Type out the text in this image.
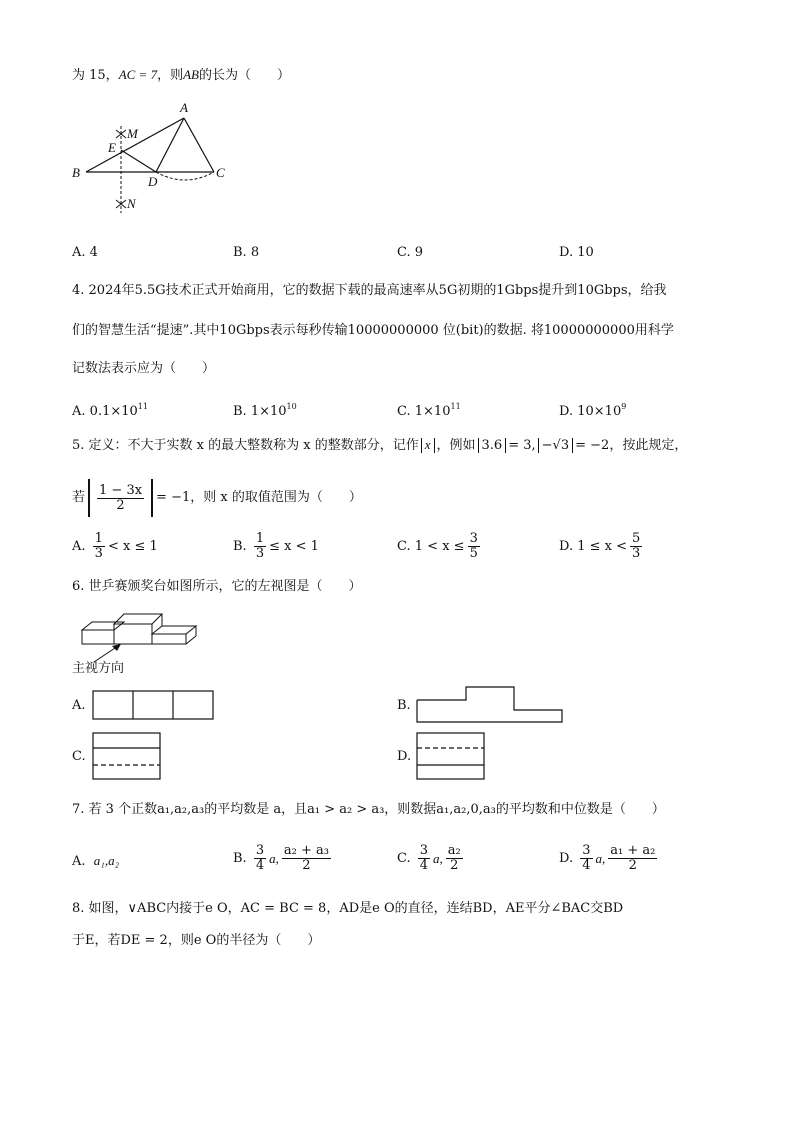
为 15，AC = 7，则AB的长为（　　）
A
B	C
D
E
M
N
A. 4	B. 8	C. 9	D. 10
4. 2024年5.5G技术正式开始商用，它的数据下载的最高速率从5G初期的1Gbps提升到10Gbps，给我
们的智慧生活“提速”.其中10Gbps表示每秒传输10000000000 位(bit)的数据. 将10000000000用科学
记数法表示应为（　　）
A. $0.1\times 10^{11}$	B. $1\times 10^{10}$	C. $1\times 10^{11}$	D. $10\times 10^9$
5. 定义：不大于实数 x 的最大整数称为 x 的整数部分，记作 x ，例如 3.6 = 3, −√3 = −2，按此规定，
若 $\frac{1 - 3x}{2} = -1$ ，则 x 的取值范围为（　　）
A.
$\frac{1}{3} < x \le 1$	B.
$\frac{1}{3} \le x < 1$	C.
$1 < x \le \frac{3}{5}$	D.
$1 \le x < \frac{5}{3}$
6. 世乒赛颁奖台如图所示，它的左视图是（　　）
主视方向
A.	B.
C.	D.
7. 若 3 个正数a₁,a₂,a₃的平均数是 a，且a₁ > a₂ > a₃，则数据a₁,a₂,0,a₃的平均数和中位数是（　　）
A. a₁,a₂	B.
$\frac{3}{4} a$, $\frac{\text{a₂ + a₃}}{2}$	C.
$\frac{3}{4} a$, $\frac{\text{a₂}}{2}$	D.
$\frac{3}{4} a$, $\frac{\text{a₁ + a₂}}{2}$
8. 如图，∨ABC内接于e O，AC = BC = 8，AD是e O的直径，连结BD，AE平分∠BAC交BD
于E，若DE = 2，则e O的半径为（　　）
